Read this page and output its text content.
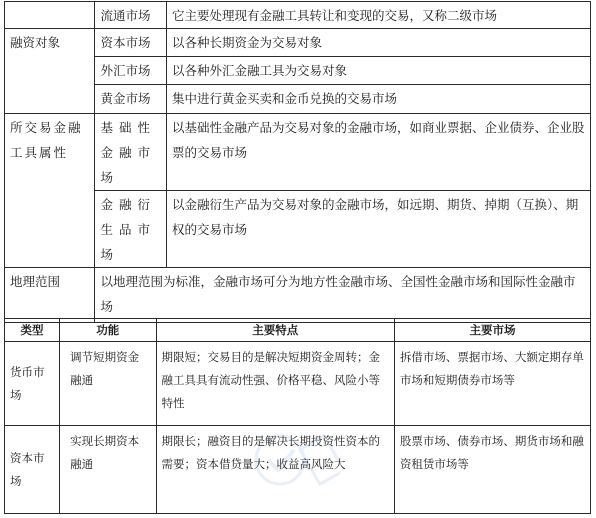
	流通市场	它主要处理现有金融工具转让和变现的交易，又称二级市场
融资对象	资本市场	以各种长期资金为交易对象
	外汇市场	以各种外汇金融工具为交易对象
	黄金市场	集中进行黄金买卖和金币兑换的交易市场
所交易金融工具属性	基础性金融市场	以基础性金融产品为交易对象的金融市场，如商业票据、企业债券、企业股票的交易市场
	金融衍生品市场	以金融衍生产品为交易对象的金融市场，如远期、期货、掉期（互换）、期权的交易市场
地理范围	以地理范围为标准，金融市场可分为地方性金融市场、全国性金融市场和国际性金融市场	
类型	功能	主要特点	主要市场
货币市场	调节短期资金融通	期限短；交易目的是解决短期资金周转；金融工具具有流动性强、价格平稳、风险小等特性	拆借市场、票据市场、大额定期存单市场和短期债券市场等
资本市场	实现长期资本融通	期限长；融资目的是解决长期投资性资本的需要；资本借贷量大；收益高风险大	股票市场、债券市场、期货市场和融资租赁市场等
